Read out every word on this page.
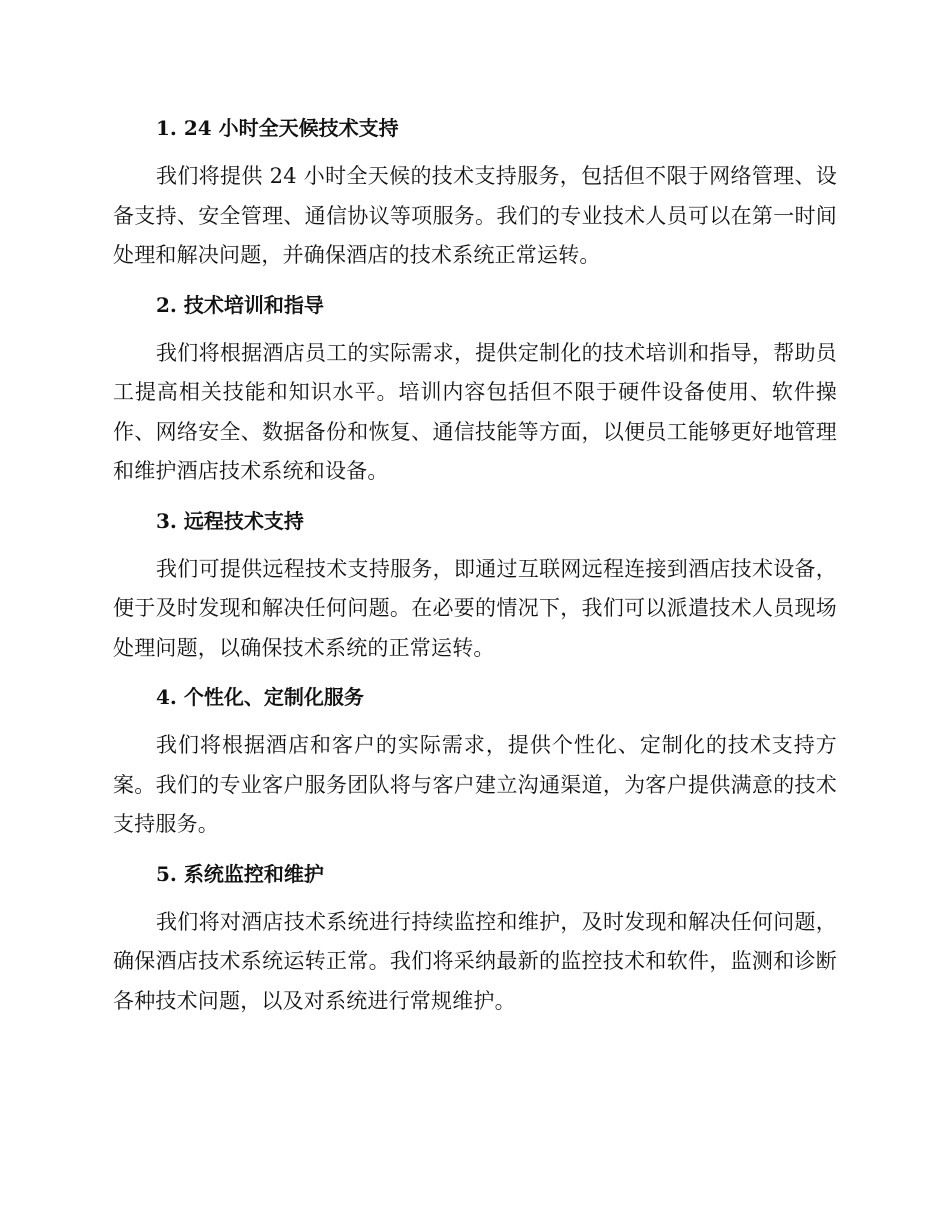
1. 24 小时全天候技术支持

我们将提供 24 小时全天候的技术支持服务，包括但不限于网络管理、设备支持、安全管理、通信协议等项服务。我们的专业技术人员可以在第一时间处理和解决问题，并确保酒店的技术系统正常运转。

2. 技术培训和指导

我们将根据酒店员工的实际需求，提供定制化的技术培训和指导，帮助员工提高相关技能和知识水平。培训内容包括但不限于硬件设备使用、软件操作、网络安全、数据备份和恢复、通信技能等方面，以便员工能够更好地管理和维护酒店技术系统和设备。

3. 远程技术支持

我们可提供远程技术支持服务，即通过互联网远程连接到酒店技术设备，便于及时发现和解决任何问题。在必要的情况下，我们可以派遣技术人员现场处理问题，以确保技术系统的正常运转。

4. 个性化、定制化服务

我们将根据酒店和客户的实际需求，提供个性化、定制化的技术支持方案。我们的专业客户服务团队将与客户建立沟通渠道，为客户提供满意的技术支持服务。

5. 系统监控和维护

我们将对酒店技术系统进行持续监控和维护，及时发现和解决任何问题，确保酒店技术系统运转正常。我们将采纳最新的监控技术和软件，监测和诊断各种技术问题，以及对系统进行常规维护。
